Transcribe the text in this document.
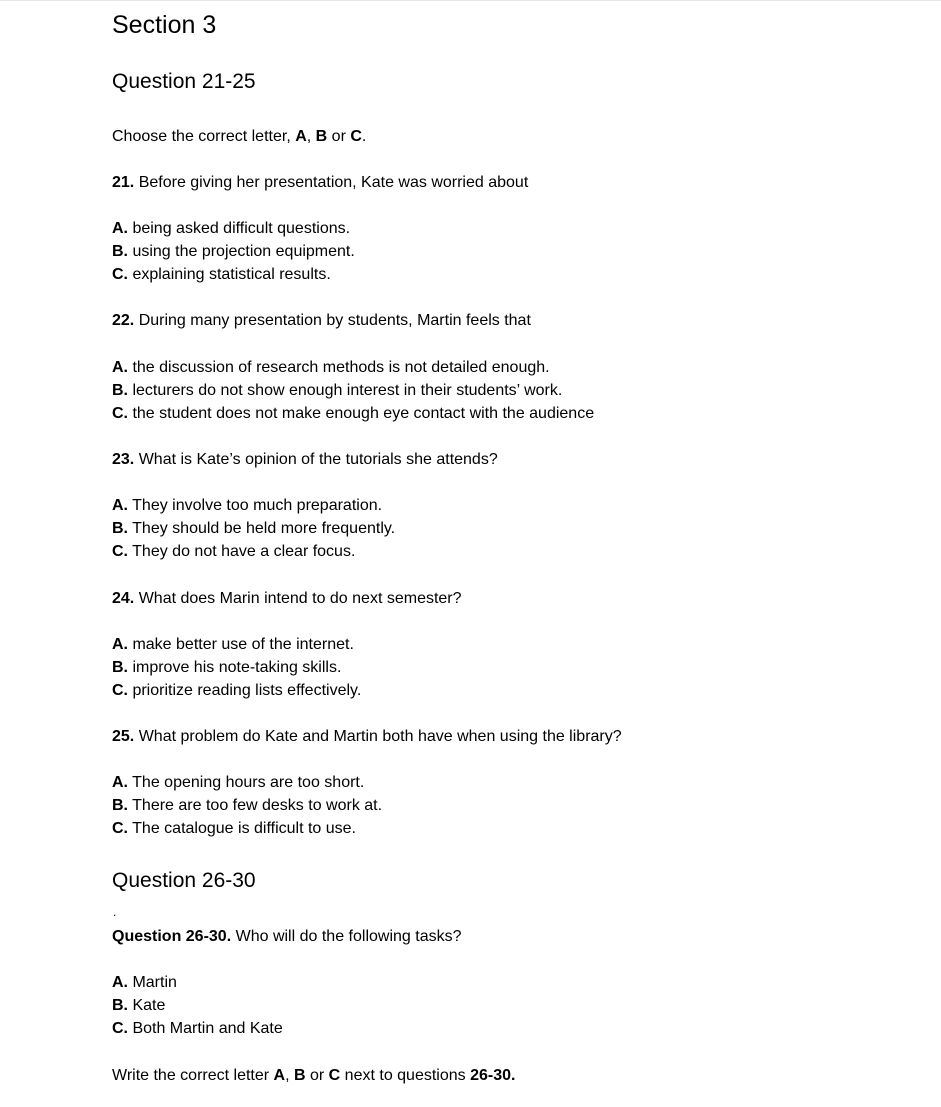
Section 3
Question 21-25
Choose the correct letter, A, B or C.
21. Before giving her presentation, Kate was worried about
A. being asked difficult questions.
B. using the projection equipment.
C. explaining statistical results.
22. During many presentation by students, Martin feels that
A. the discussion of research methods is not detailed enough.
B. lecturers do not show enough interest in their students’ work.
C. the student does not make enough eye contact with the audience
23. What is Kate’s opinion of the tutorials she attends?
A. They involve too much preparation.
B. They should be held more frequently.
C. They do not have a clear focus.
24. What does Marin intend to do next semester?
A. make better use of the internet.
B. improve his note-taking skills.
C. prioritize reading lists effectively.
25. What problem do Kate and Martin both have when using the library?
A. The opening hours are too short.
B. There are too few desks to work at.
C. The catalogue is difficult to use.
Question 26-30
.
Question 26-30. Who will do the following tasks?
A. Martin
B. Kate
C. Both Martin and Kate
Write the correct letter A, B or C next to questions 26-30.
